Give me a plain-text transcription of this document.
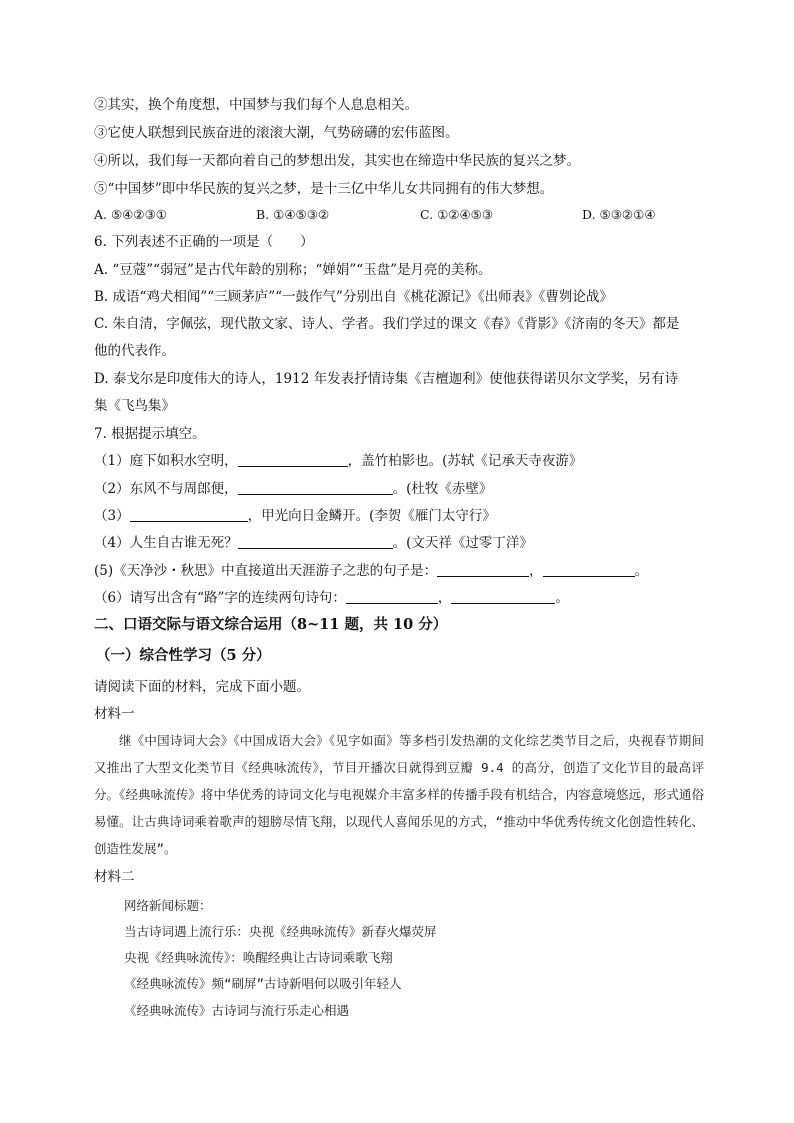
②其实，换个角度想，中国梦与我们每个人息息相关。
③它使人联想到民族奋进的滚滚大潮，气势磅礴的宏伟蓝图。
④所以，我们每一天都向着自己的梦想出发，其实也在缔造中华民族的复兴之梦。
⑤“中国梦”即中华民族的复兴之梦，是十三亿中华儿女共同拥有的伟大梦想。
A. ⑤④②③①	B. ①④⑤③②	C. ①②④⑤③	D. ⑤③②①④
6. 下列表述不正确的一项是（　　）
A. “豆蔻”“弱冠”是古代年龄的别称；“婵娟”“玉盘”是月亮的美称。
B. 成语“鸡犬相闻”“三顾茅庐”“一鼓作气”分别出自《桃花源记》《出师表》《曹刿论战》
C. 朱自清，字佩弦，现代散文家、诗人、学者。我们学过的课文《春》《背影》《济南的冬天》都是
他的代表作。
D. 泰戈尔是印度伟大的诗人，1912 年发表抒情诗集《吉檀迦利》使他获得诺贝尔文学奖，另有诗
集《飞鸟集》
7. 根据提示填空。
（1）庭下如积水空明，	，盖竹柏影也。(苏轼《记承天寺夜游》
（2）东风不与周郎便，	。(杜牧《赤壁》
（3）	，甲光向日金鳞开。(李贺《雁门太守行》
（4）人生自古谁无死？	。(文天祥《过零丁洋》
(5)《天净沙・秋思》中直接道出天涯游子之悲的句子是：	，	。
（6）请写出含有“路”字的连续两句诗句：	，	。
二、口语交际与语文综合运用（8~11 题，共 10 分）
（一）综合性学习（5 分）
请阅读下面的材料，完成下面小题。
材料一

继《中国诗词大会》《中国成语大会》《见字如面》等多档引发热潮的文化综艺类节目之后，央视春节期间又推出了大型文化类节目《经典咏流传》，节目开播次日就得到豆瓣 9.4 的高分，创造了文化节目的最高评分。《经典咏流传》将中华优秀的诗词文化与电视媒介丰富多样的传播手段有机结合，内容意境悠远，形式通俗易懂。让古典诗词乘着歌声的翅膀尽情飞翔，以现代人喜闻乐见的方式，“推动中华优秀传统文化创造性转化、创造性发展”。

材料二
网络新闻标题：
当古诗词遇上流行乐：央视《经典咏流传》新春火爆荧屏
央视《经典咏流传》：唤醒经典让古诗词乘歌飞翔
《经典咏流传》频“刷屏”古诗新唱何以吸引年轻人
《经典咏流传》古诗词与流行乐走心相遇
